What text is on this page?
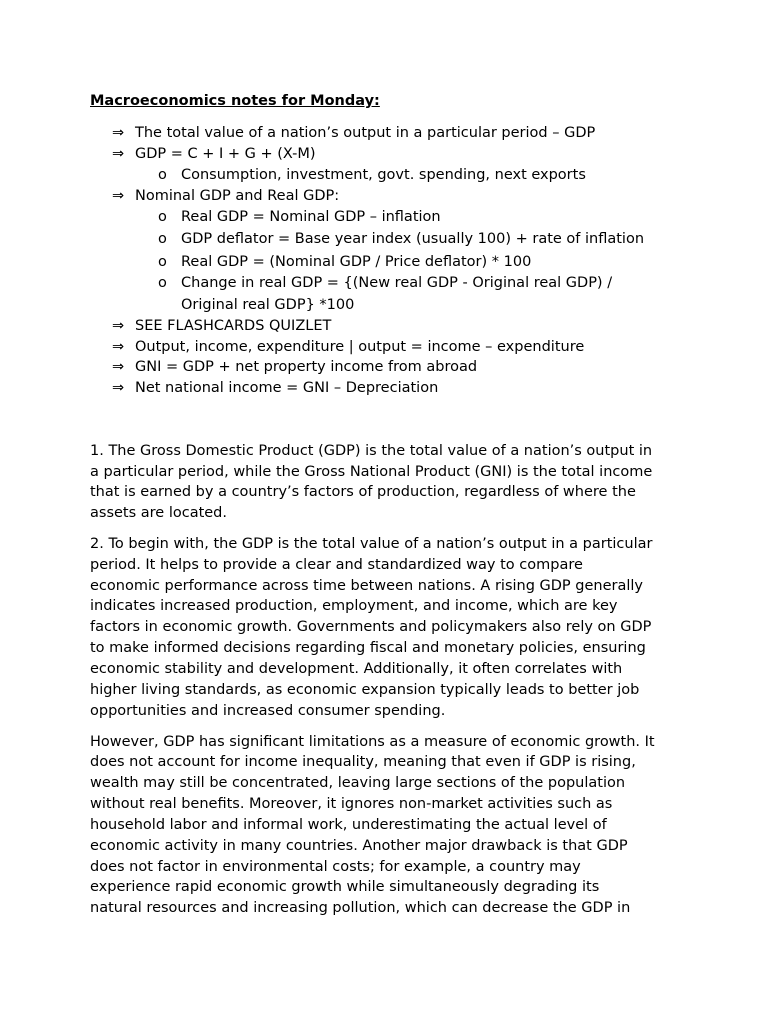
Macroeconomics notes for Monday:
⇒ The total value of a nation’s output in a particular period – GDP
⇒ GDP = C + I + G + (X-M)
o Consumption, investment, govt. spending, next exports
⇒ Nominal GDP and Real GDP:
o Real GDP = Nominal GDP – inflation
o GDP deflator = Base year index (usually 100) + rate of inflation
o Real GDP = (Nominal GDP / Price deflator) * 100
o Change in real GDP = {(New real GDP - Original real GDP) /
Original real GDP} *100
⇒ SEE FLASHCARDS QUIZLET
⇒ Output, income, expenditure | output = income – expenditure
⇒ GNI = GDP + net property income from abroad
⇒ Net national income = GNI – Depreciation
1. The Gross Domestic Product (GDP) is the total value of a nation’s output in
a particular period, while the Gross National Product (GNI) is the total income
that is earned by a country’s factors of production, regardless of where the
assets are located.
2. To begin with, the GDP is the total value of a nation’s output in a particular
period. It helps to provide a clear and standardized way to compare
economic performance across time between nations. A rising GDP generally
indicates increased production, employment, and income, which are key
factors in economic growth. Governments and policymakers also rely on GDP
to make informed decisions regarding fiscal and monetary policies, ensuring
economic stability and development. Additionally, it often correlates with
higher living standards, as economic expansion typically leads to better job
opportunities and increased consumer spending.
However, GDP has significant limitations as a measure of economic growth. It
does not account for income inequality, meaning that even if GDP is rising,
wealth may still be concentrated, leaving large sections of the population
without real benefits. Moreover, it ignores non-market activities such as
household labor and informal work, underestimating the actual level of
economic activity in many countries. Another major drawback is that GDP
does not factor in environmental costs; for example, a country may
experience rapid economic growth while simultaneously degrading its
natural resources and increasing pollution, which can decrease the GDP in
